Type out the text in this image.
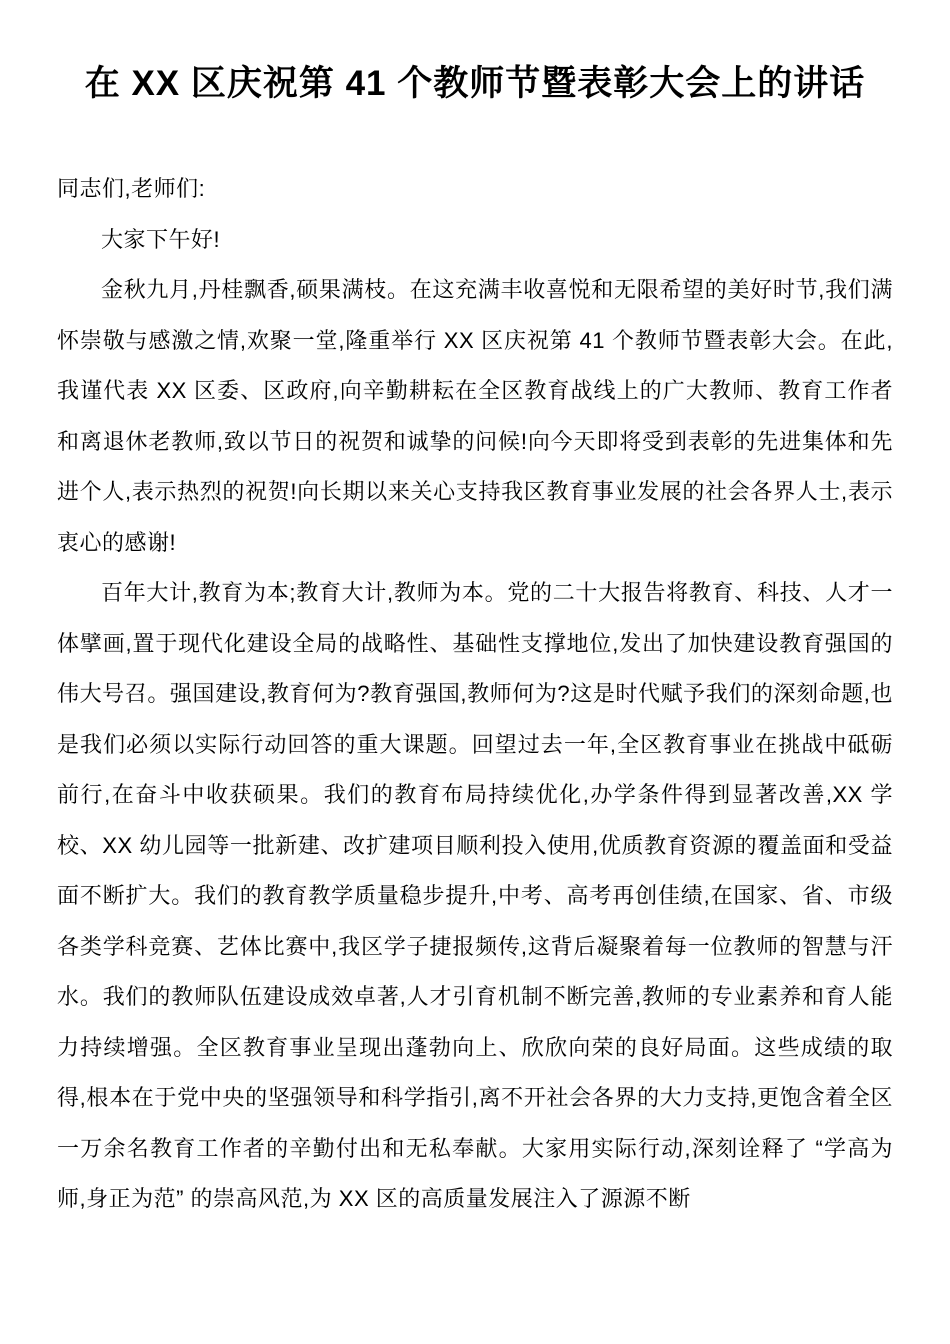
在 XX 区庆祝第 41 个教师节暨表彰大会上的讲话

同志们,老师们:

大家下午好!

金秋九月,丹桂飘香,硕果满枝。在这充满丰收喜悦和无限希望的美好时节,我们满怀崇敬与感激之情,欢聚一堂,隆重举行 XX 区庆祝第 41 个教师节暨表彰大会。在此,我谨代表 XX 区委、区政府,向辛勤耕耘在全区教育战线上的广大教师、教育工作者和离退休老教师,致以节日的祝贺和诚挚的问候!向今天即将受到表彰的先进集体和先进个人,表示热烈的祝贺!向长期以来关心支持我区教育事业发展的社会各界人士,表示衷心的感谢!

百年大计,教育为本;教育大计,教师为本。党的二十大报告将教育、科技、人才一体擘画,置于现代化建设全局的战略性、基础性支撑地位,发出了加快建设教育强国的伟大号召。强国建设,教育何为?教育强国,教师何为?这是时代赋予我们的深刻命题,也是我们必须以实际行动回答的重大课题。回望过去一年,全区教育事业在挑战中砥砺前行,在奋斗中收获硕果。我们的教育布局持续优化,办学条件得到显著改善,XX 学校、XX 幼儿园等一批新建、改扩建项目顺利投入使用,优质教育资源的覆盖面和受益面不断扩大。我们的教育教学质量稳步提升,中考、高考再创佳绩,在国家、省、市级各类学科竞赛、艺体比赛中,我区学子捷报频传,这背后凝聚着每一位教师的智慧与汗水。我们的教师队伍建设成效卓著,人才引育机制不断完善,教师的专业素养和育人能力持续增强。全区教育事业呈现出蓬勃向上、欣欣向荣的良好局面。这些成绩的取得,根本在于党中央的坚强领导和科学指引,离不开社会各界的大力支持,更饱含着全区一万余名教育工作者的辛勤付出和无私奉献。大家用实际行动,深刻诠释了 “学高为师,身正为范” 的崇高风范,为 XX 区的高质量发展注入了源源不断
